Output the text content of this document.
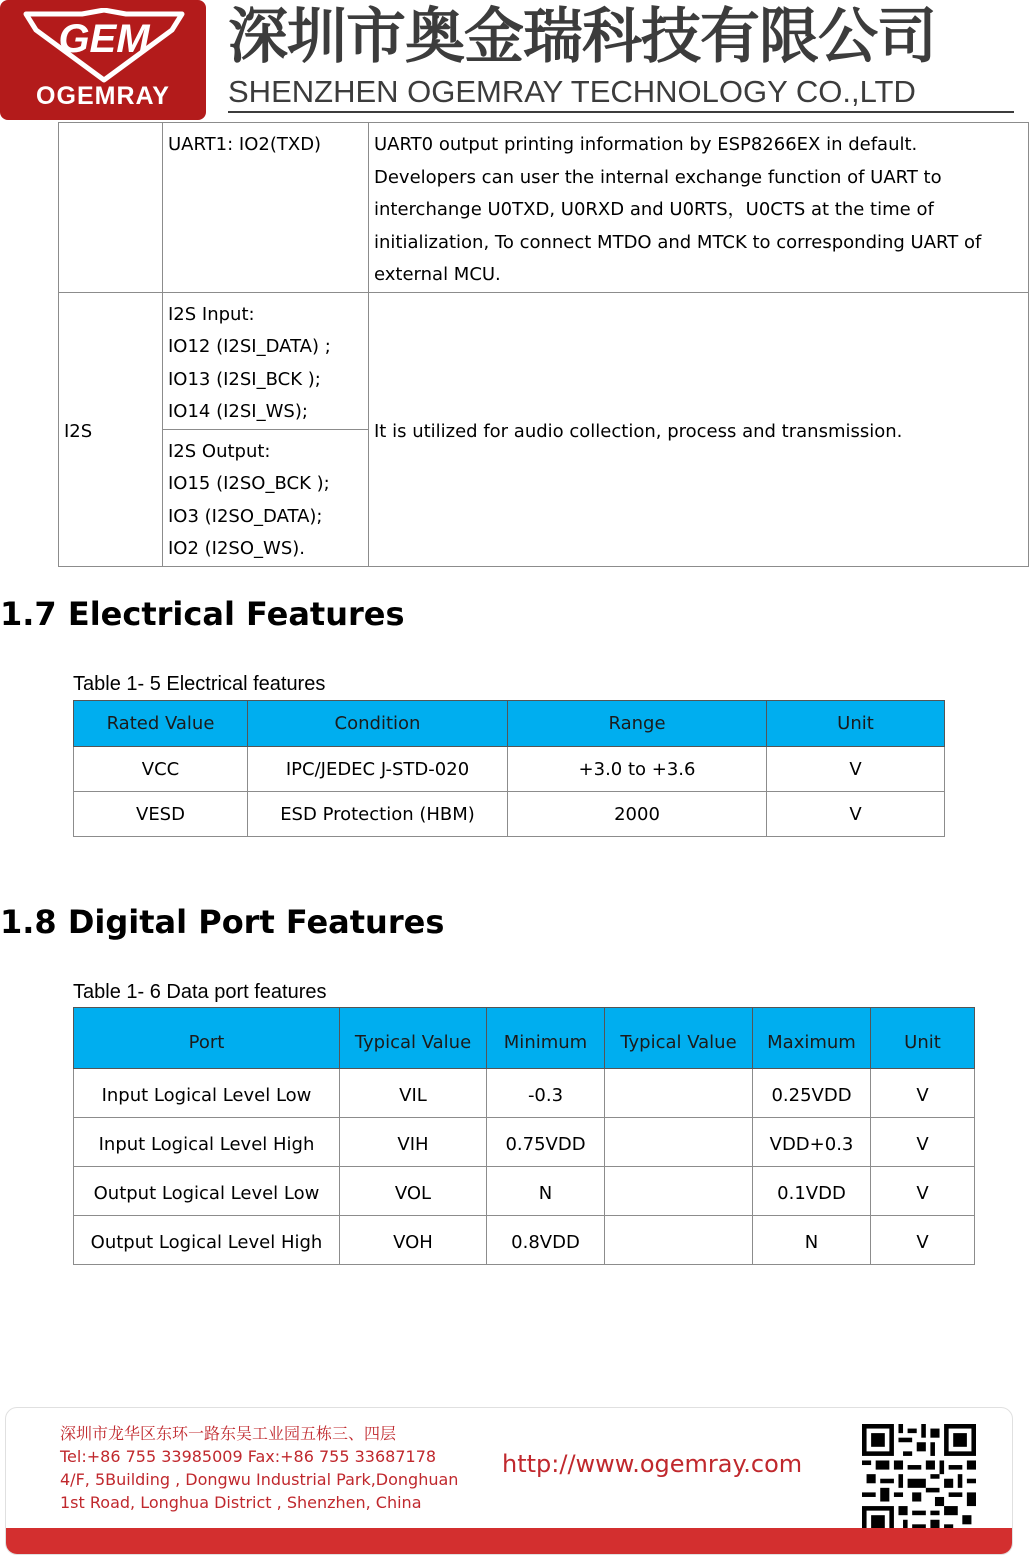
GEM
OGEMRAY
深圳市奥金瑞科技有限公司
SHENZHEN OGEMRAY TECHNOLOGY CO.,LTD
	UART1: IO2(TXD)	UART0 output printing information by ESP8266EX in default. Developers can user the internal exchange function of UART to interchange U0TXD, U0RXD and U0RTS，U0CTS at the time of initialization, To connect MTDO and MTCK to corresponding UART of external MCU.
I2S	I2S Input:
IO12 (I2SI_DATA) ;
IO13 (I2SI_BCK );
IO14 (I2SI_WS);	It is utilized for audio collection, process and transmission.

	I2S Output:
IO15 (I2SO_BCK );
IO3 (I2SO_DATA);
IO2 (I2SO_WS).	
1.7 Electrical Features
Table 1- 5 Electrical features
Rated Value	Condition	Range	Unit
VCC	IPC/JEDEC J-STD-020	+3.0 to +3.6	V
VESD	ESD Protection (HBM)	2000	V
1.8 Digital Port Features
Table 1- 6 Data port features
Port	Typical Value	Minimum	Typical Value	Maximum	Unit
Input Logical Level Low	VIL	-0.3		0.25VDD	V
Input Logical Level High	VIH	0.75VDD		VDD+0.3	V
Output Logical Level Low	VOL	N		0.1VDD	V
Output Logical Level High	VOH	0.8VDD		N	V
深圳市龙华区东环一路东吴工业园五栋三、四层
Tel:+86 755 33985009 Fax:+86 755 33687178
4/F, 5Building , Dongwu Industrial Park,Donghuan
1st Road, Longhua District , Shenzhen, China
http://www.ogemray.com
